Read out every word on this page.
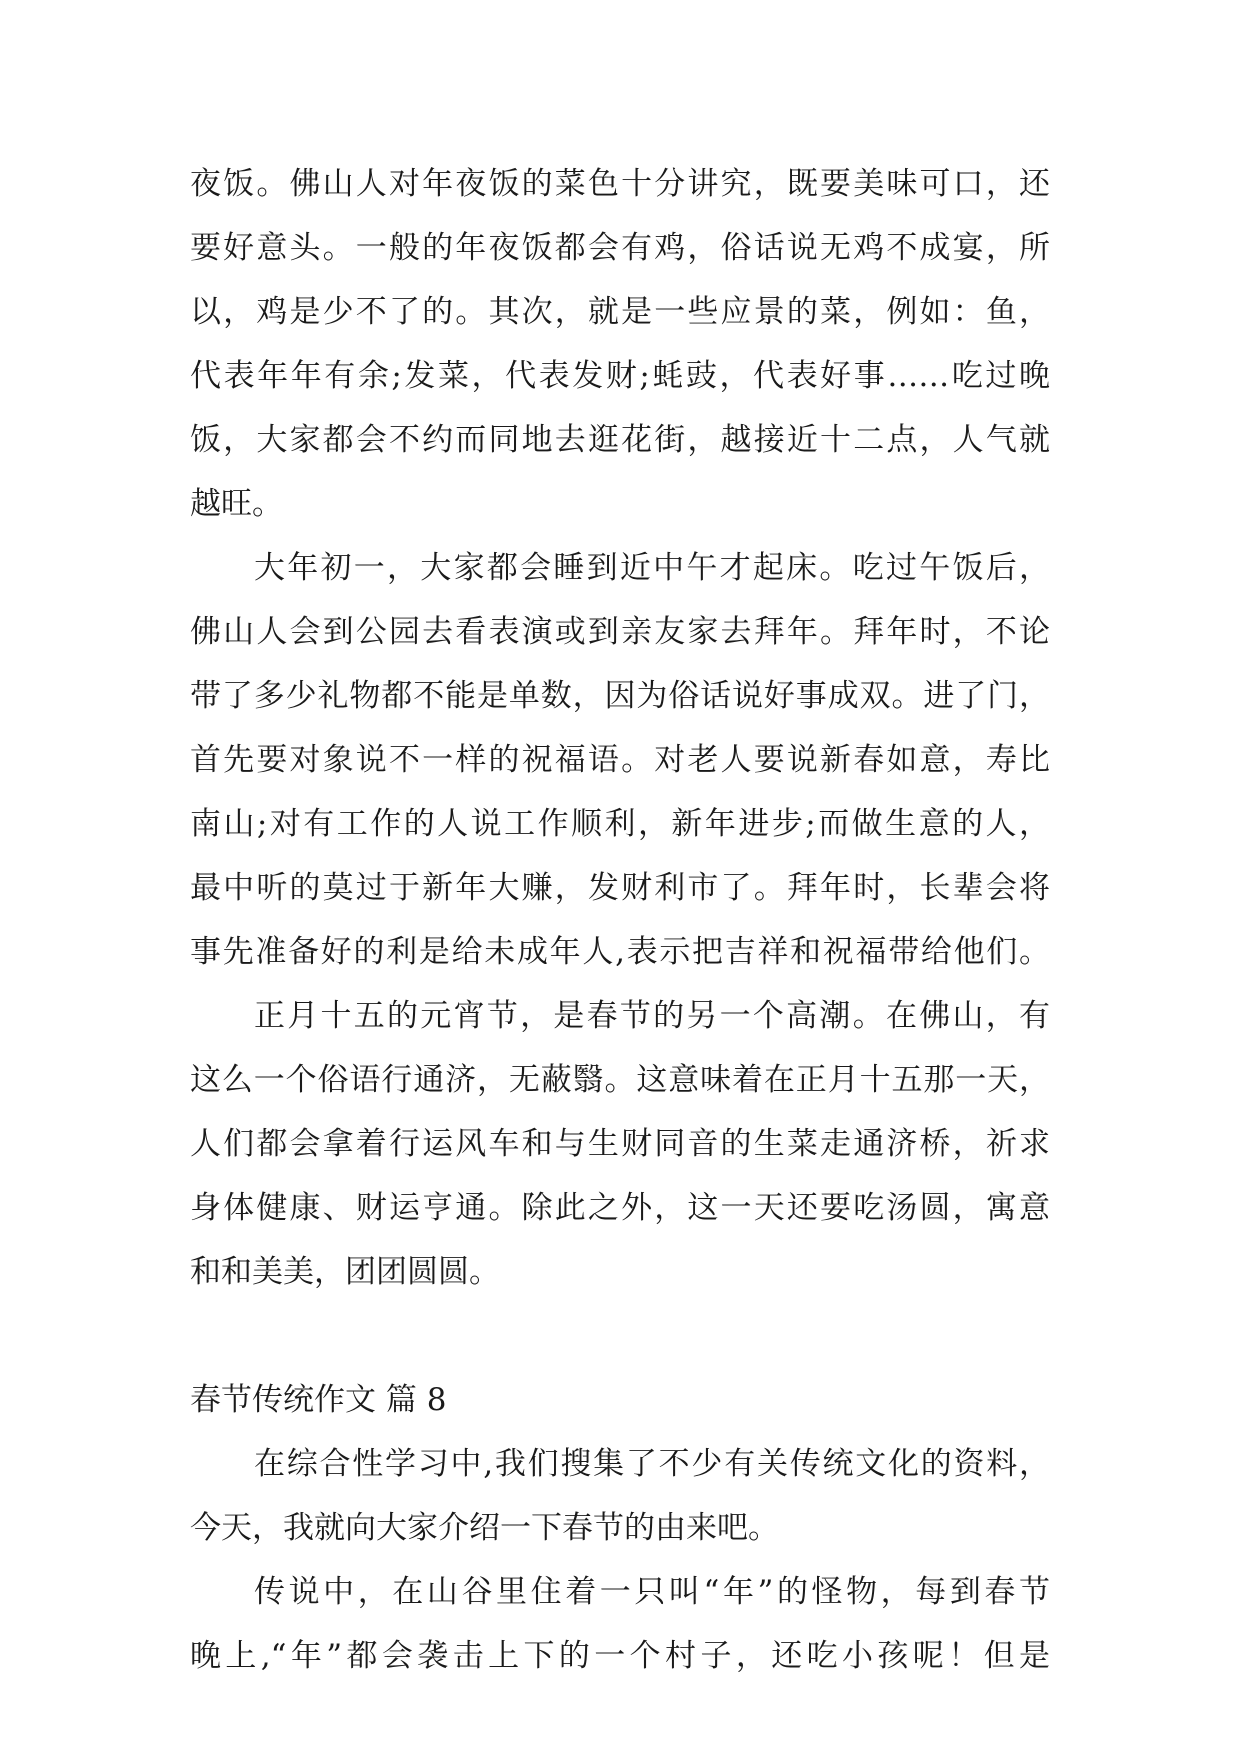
夜饭。佛山人对年夜饭的菜色十分讲究，既要美味可口，还
要好意头。一般的年夜饭都会有鸡，俗话说无鸡不成宴，所
以，鸡是少不了的。其次，就是一些应景的菜，例如：鱼，
代表年年有余;发菜，代表发财;蚝豉，代表好事……吃过晚
饭，大家都会不约而同地去逛花街，越接近十二点，人气就
越旺。
大年初一，大家都会睡到近中午才起床。吃过午饭后，
佛山人会到公园去看表演或到亲友家去拜年。拜年时，不论
带了多少礼物都不能是单数，因为俗话说好事成双。进了门，
首先要对象说不一样的祝福语。对老人要说新春如意，寿比
南山;对有工作的人说工作顺利，新年进步;而做生意的人，
最中听的莫过于新年大赚，发财利市了。拜年时，长辈会将
事先准备好的利是给未成年人,表示把吉祥和祝福带给他们。
正月十五的元宵节，是春节的另一个高潮。在佛山，有
这么一个俗语行通济，无蔽翳。这意味着在正月十五那一天，
人们都会拿着行运风车和与生财同音的生菜走通济桥，祈求
身体健康、财运亨通。除此之外，这一天还要吃汤圆，寓意
和和美美，团团圆圆。
春节传统作文 篇 8
在综合性学习中,我们搜集了不少有关传统文化的资料，
今天，我就向大家介绍一下春节的由来吧。
传说中，在山谷里住着一只叫“年”的怪物，每到春节
晚上,“年”都会袭击上下的一个村子，还吃小孩呢！但是
